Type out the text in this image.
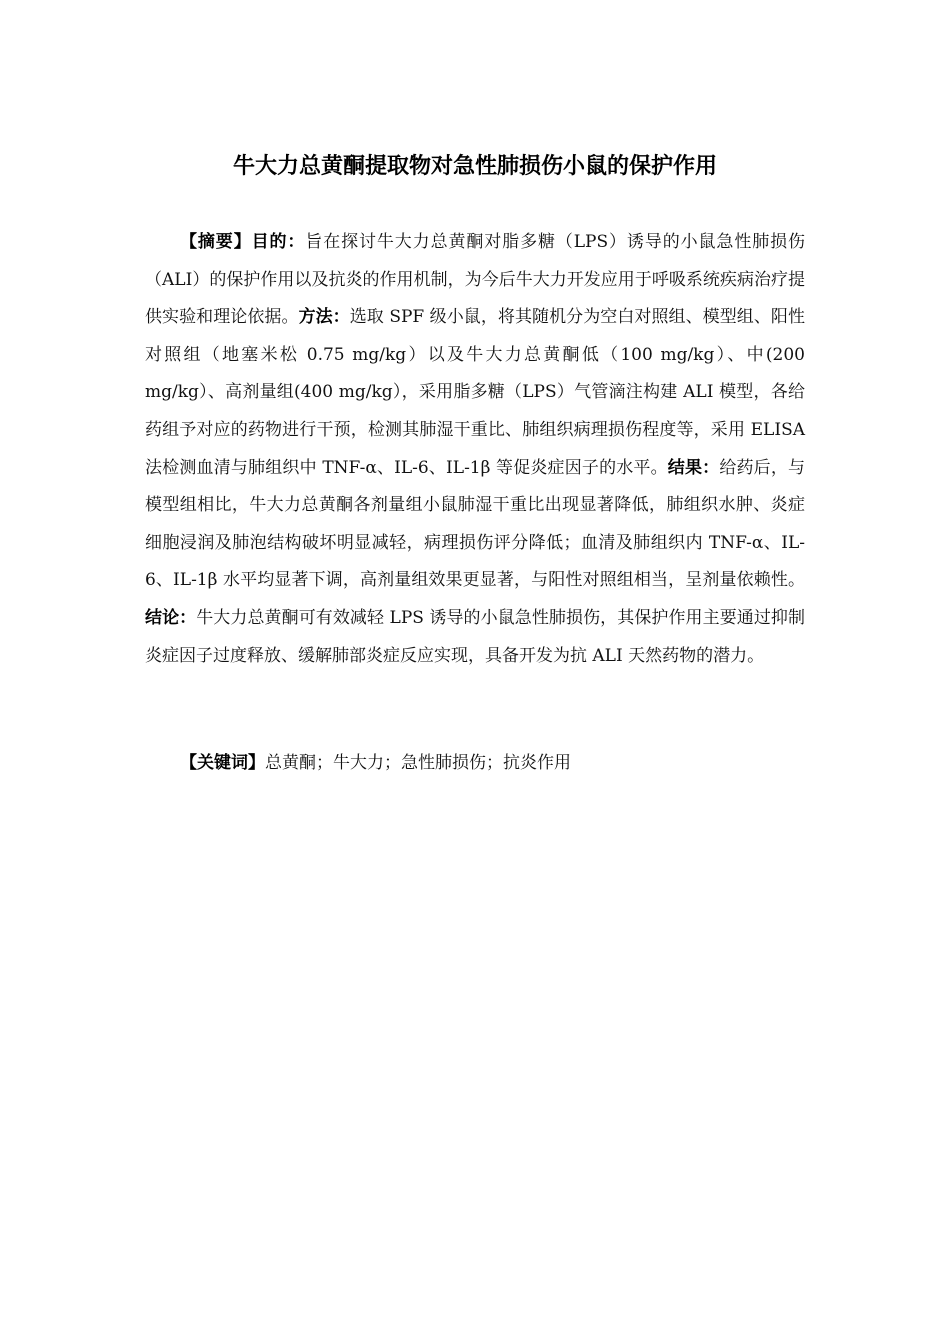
牛大力总黄酮提取物对急性肺损伤小鼠的保护作用

【摘要】目的：旨在探讨牛大力总黄酮对脂多糖（LPS）诱导的小鼠急性肺损伤（ALI）的保护作用以及抗炎的作用机制，为今后牛大力开发应用于呼吸系统疾病治疗提供实验和理论依据。方法：选取 SPF 级小鼠，将其随机分为空白对照组、模型组、阳性对照组（地塞米松 0.75 mg/kg）以及牛大力总黄酮低（100 mg/kg）、中(200 mg/kg）、高剂量组(400 mg/kg），采用脂多糖（LPS）气管滴注构建 ALI 模型，各给药组予对应的药物进行干预，检测其肺湿干重比、肺组织病理损伤程度等，采用 ELISA 法检测血清与肺组织中 TNF-α、IL-6、IL-1β 等促炎症因子的水平。结果：给药后，与模型组相比，牛大力总黄酮各剂量组小鼠肺湿干重比出现显著降低，肺组织水肿、炎症细胞浸润及肺泡结构破坏明显减轻，病理损伤评分降低；血清及肺组织内 TNF-α、IL-6、IL-1β 水平均显著下调，高剂量组效果更显著，与阳性对照组相当，呈剂量依赖性。结论：牛大力总黄酮可有效减轻 LPS 诱导的小鼠急性肺损伤，其保护作用主要通过抑制炎症因子过度释放、缓解肺部炎症反应实现，具备开发为抗 ALI 天然药物的潜力。

【关键词】总黄酮；牛大力；急性肺损伤；抗炎作用
